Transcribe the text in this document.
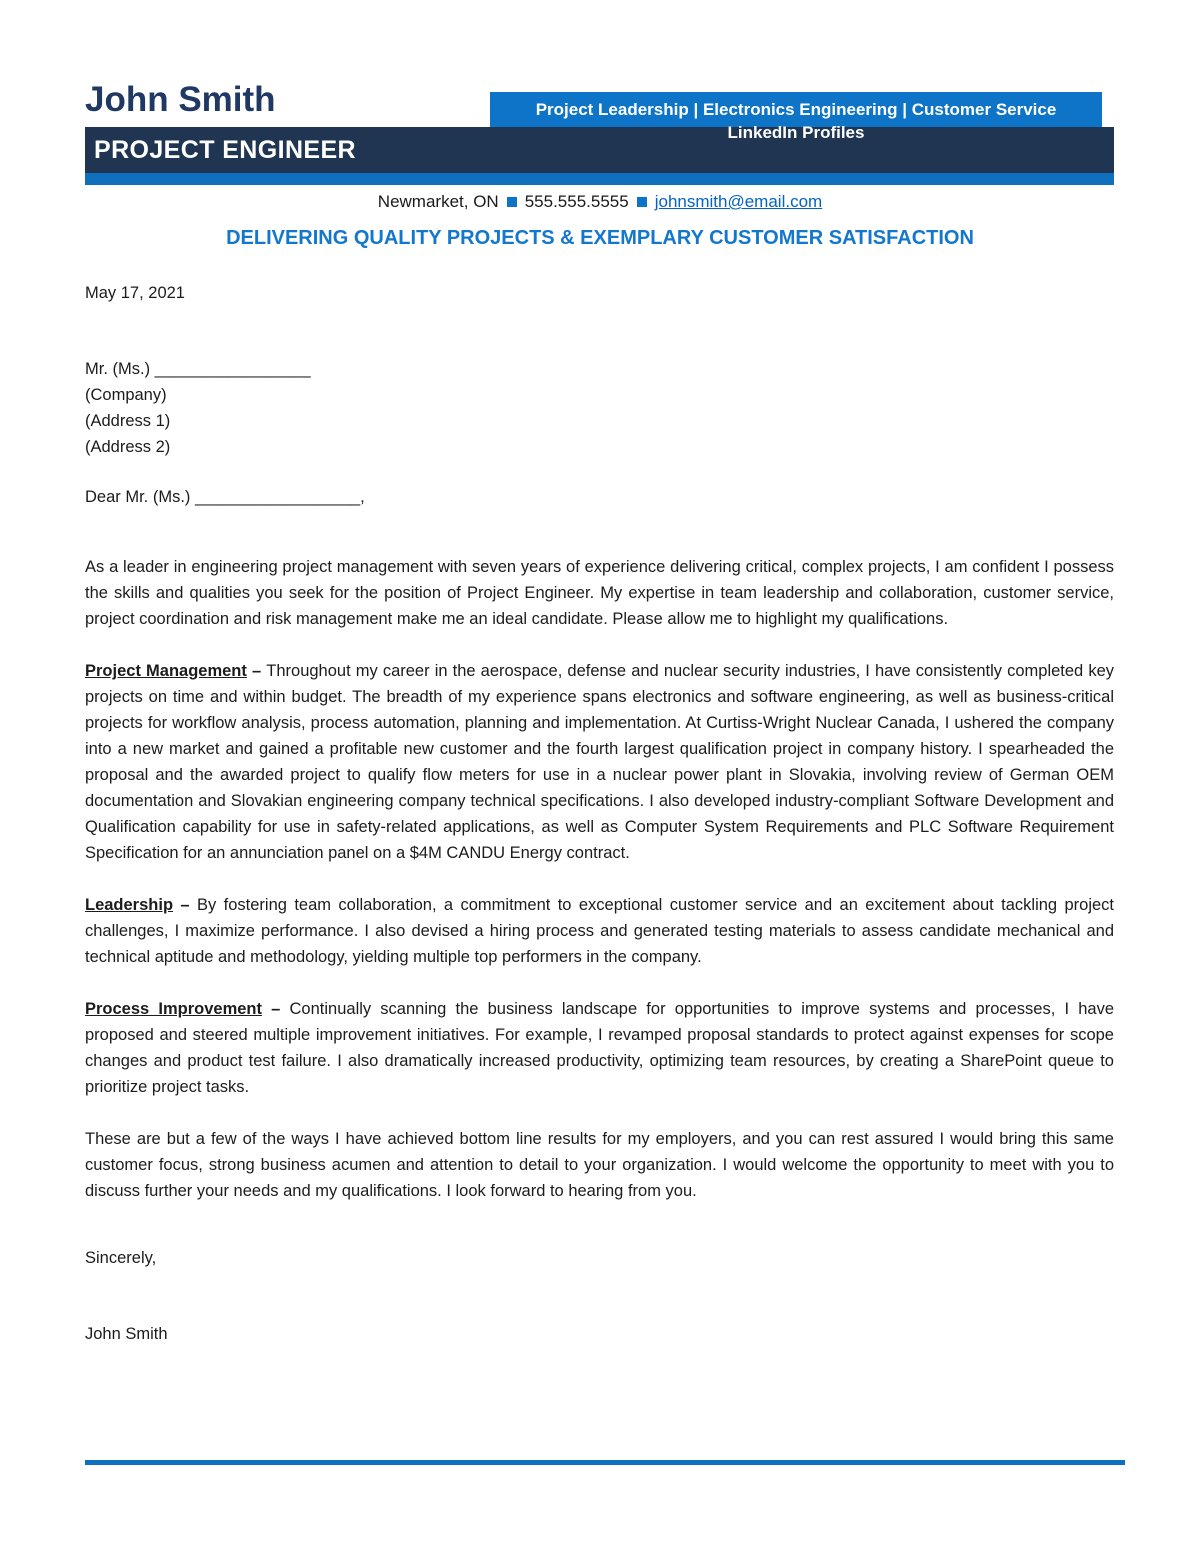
John Smith	Project Leadership | Electronics Engineering | Customer Service
PROJECT ENGINEER
LinkedIn Profiles
Newmarket, ON 555.555.5555 johnsmith@email.com
DELIVERING QUALITY PROJECTS & EXEMPLARY CUSTOMER SATISFACTION
May 17, 2021
Mr. (Ms.) _________________
(Company)
(Address 1)
(Address 2)
Dear Mr. (Ms.) __________________,

As a leader in engineering project management with seven years of experience delivering critical, complex projects, I am confident I possess the skills and qualities you seek for the position of Project Engineer. My expertise in team leadership and collaboration, customer service, project coordination and risk management make me an ideal candidate. Please allow me to highlight my qualifications.

Project Management – Throughout my career in the aerospace, defense and nuclear security industries, I have consistently completed key projects on time and within budget. The breadth of my experience spans electronics and software engineering, as well as business-critical projects for workflow analysis, process automation, planning and implementation. At Curtiss-Wright Nuclear Canada, I ushered the company into a new market and gained a profitable new customer and the fourth largest qualification project in company history. I spearheaded the proposal and the awarded project to qualify flow meters for use in a nuclear power plant in Slovakia, involving review of German OEM documentation and Slovakian engineering company technical specifications. I also developed industry-compliant Software Development and Qualification capability for use in safety-related applications, as well as Computer System Requirements and PLC Software Requirement Specification for an annunciation panel on a $4M CANDU Energy contract.

Leadership – By fostering team collaboration, a commitment to exceptional customer service and an excitement about tackling project challenges, I maximize performance. I also devised a hiring process and generated testing materials to assess candidate mechanical and technical aptitude and methodology, yielding multiple top performers in the company.

Process Improvement – Continually scanning the business landscape for opportunities to improve systems and processes, I have proposed and steered multiple improvement initiatives. For example, I revamped proposal standards to protect against expenses for scope changes and product test failure. I also dramatically increased productivity, optimizing team resources, by creating a SharePoint queue to prioritize project tasks.

These are but a few of the ways I have achieved bottom line results for my employers, and you can rest assured I would bring this same customer focus, strong business acumen and attention to detail to your organization. I would welcome the opportunity to meet with you to discuss further your needs and my qualifications. I look forward to hearing from you.

Sincerely,
John Smith
